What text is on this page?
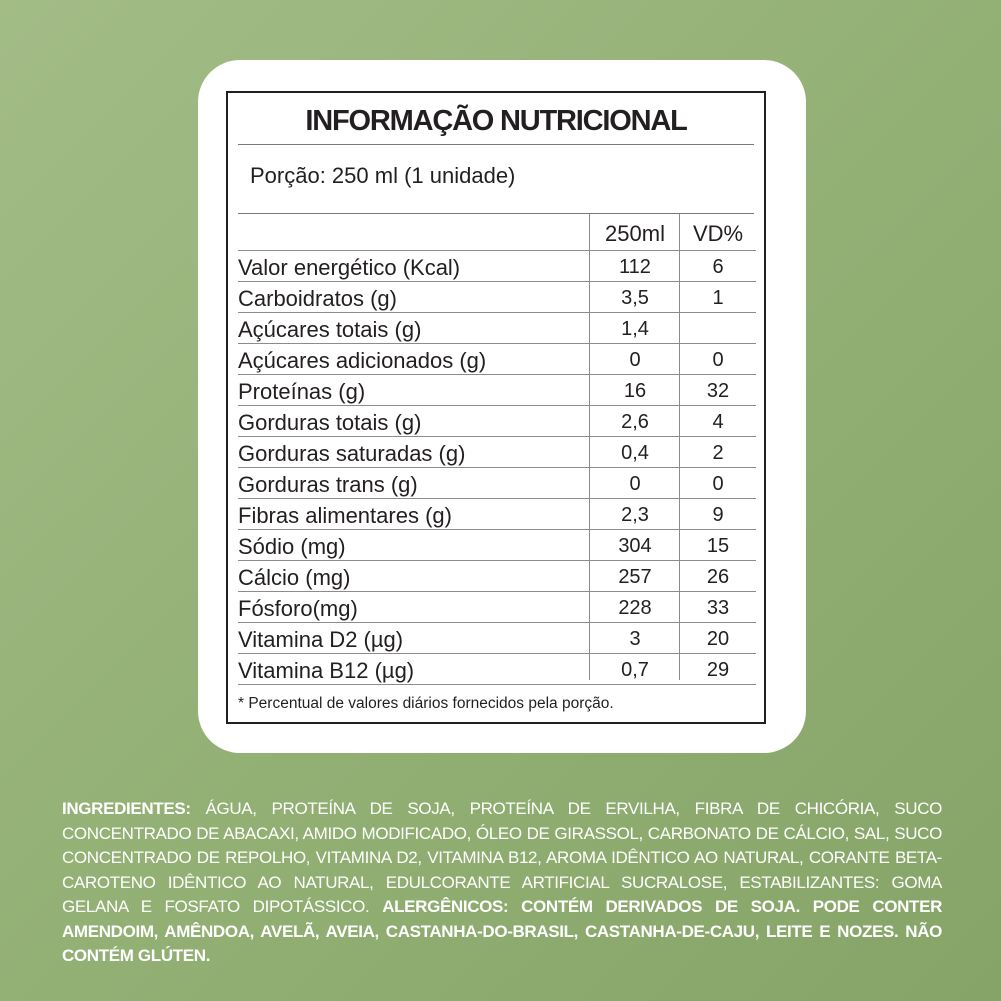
INFORMAÇÃO NUTRICIONAL
Porção: 250 ml (1 unidade)
250ml	VD%
Valor energético (Kcal)	112	6
Carboidratos (g)	3,5	1
Açúcares totais (g)	1,4
Açúcares adicionados (g)	0	0
Proteínas (g)	16	32
Gorduras totais (g)	2,6	4
Gorduras saturadas (g)	0,4	2
Gorduras trans (g)	0	0
Fibras alimentares (g)	2,3	9
Sódio (mg)	304	15
Cálcio (mg)	257	26
Fósforo(mg)	228	33
Vitamina D2 (µg)	3	20
Vitamina B12 (µg)	0,7	29
* Percentual de valores diários fornecidos pela porção.
INGREDIENTES: ÁGUA, PROTEÍNA DE SOJA, PROTEÍNA DE ERVILHA, FIBRA DE CHICÓRIA, SUCO CONCENTRADO DE ABACAXI, AMIDO MODIFICADO, ÓLEO DE GIRASSOL, CARBONATO DE CÁLCIO, SAL, SUCO CONCENTRADO DE REPOLHO, VITAMINA D2, VITAMINA B12, AROMA IDÊNTICO AO NATURAL, CORANTE BETA-CAROTENO IDÊNTICO AO NATURAL, EDULCORANTE ARTIFICIAL SUCRALOSE, ESTABILIZANTES: GOMA GELANA E FOSFATO DIPOTÁSSICO. ALERGÊNICOS: CONTÉM DERIVADOS DE SOJA. PODE CONTER AMENDOIM, AMÊNDOA, AVELÃ, AVEIA, CASTANHA-DO-BRASIL, CASTANHA-DE-CAJU, LEITE E NOZES. NÃO CONTÉM GLÚTEN.
